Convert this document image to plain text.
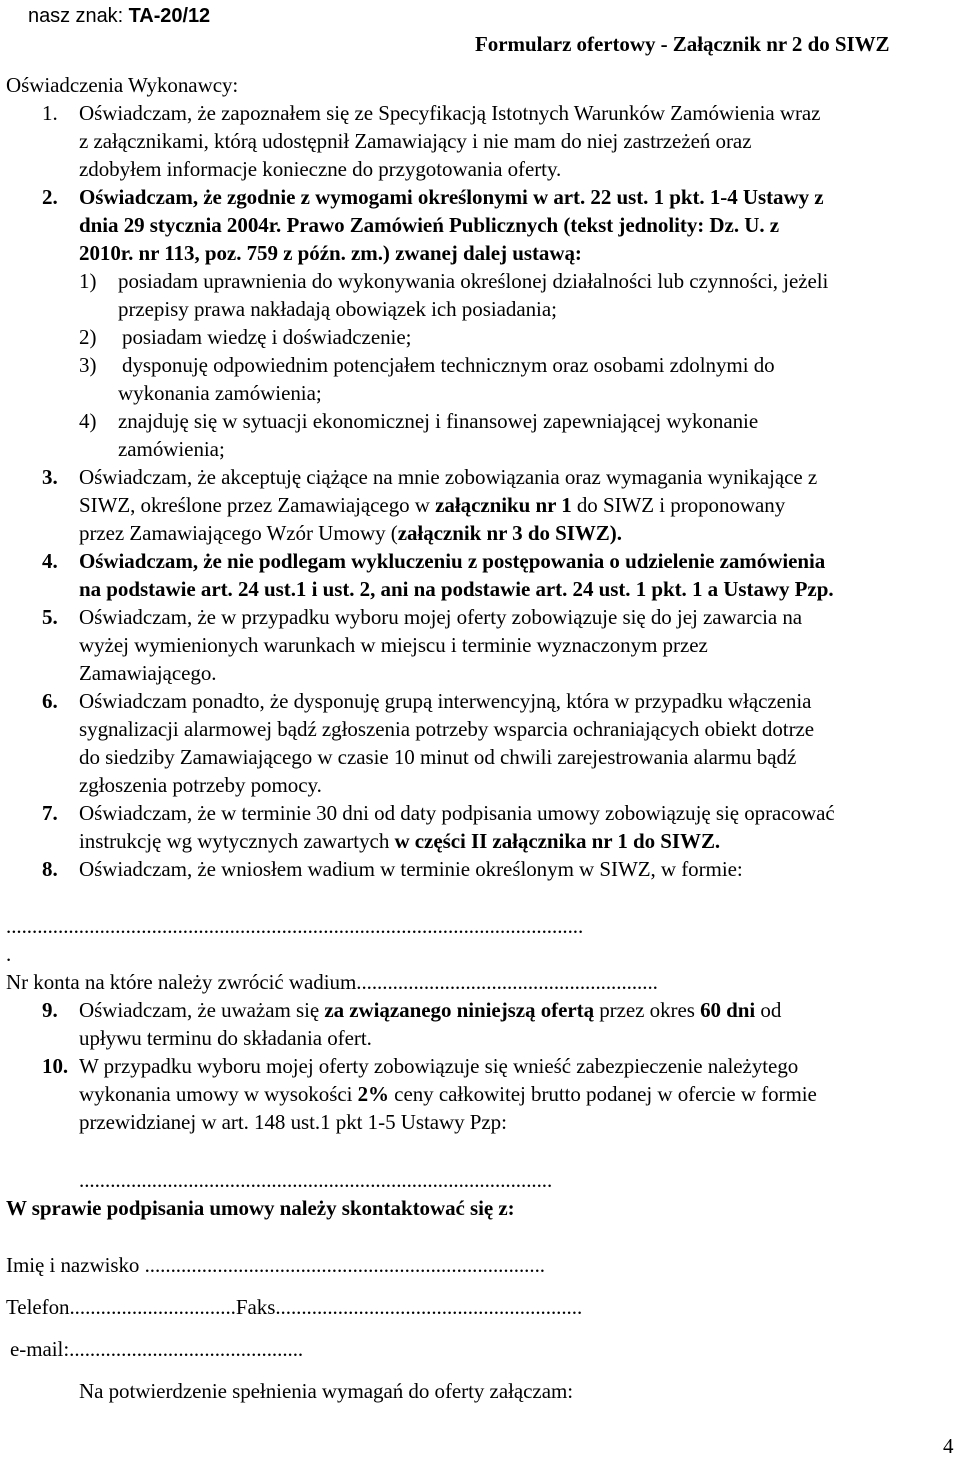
nasz znak: TA-20/12
Formularz ofertowy - Załącznik nr 2 do SIWZ
Oświadczenia Wykonawcy:
1. Oświadczam, że zapoznałem się ze Specyfikacją Istotnych Warunków Zamówienia wraz
z załącznikami, którą udostępnił Zamawiający i nie mam do niej zastrzeżeń oraz
zdobyłem informacje konieczne do przygotowania oferty.
2. Oświadczam, że zgodnie z wymogami określonymi w art. 22 ust. 1 pkt. 1-4 Ustawy z
dnia 29 stycznia 2004r. Prawo Zamówień Publicznych (tekst jednolity: Dz. U. z
2010r. nr 113, poz. 759 z późn. zm.) zwanej dalej ustawą:
1) posiadam uprawnienia do wykonywania określonej działalności lub czynności, jeżeli
przepisy prawa nakładają obowiązek ich posiadania;
2) posiadam wiedzę i doświadczenie;
3) dysponuję odpowiednim potencjałem technicznym oraz osobami zdolnymi do
wykonania zamówienia;
4) znajduję się w sytuacji ekonomicznej i finansowej zapewniającej wykonanie
zamówienia;
3. Oświadczam, że akceptuję ciążące na mnie zobowiązania oraz wymagania wynikające z
SIWZ, określone przez Zamawiającego w załączniku nr 1 do SIWZ i proponowany
przez Zamawiającego Wzór Umowy (załącznik nr 3 do SIWZ).
4. Oświadczam, że nie podlegam wykluczeniu z postępowania o udzielenie zamówienia
na podstawie art. 24 ust.1 i ust. 2, ani na podstawie art. 24 ust. 1 pkt. 1 a Ustawy Pzp.
5. Oświadczam, że w przypadku wyboru mojej oferty zobowiązuje się do jej zawarcia na
wyżej wymienionych warunkach w miejscu i terminie wyznaczonym przez
Zamawiającego.
6. Oświadczam ponadto, że dysponuję grupą interwencyjną, która w przypadku włączenia
sygnalizacji alarmowej bądź zgłoszenia potrzeby wsparcia ochraniających obiekt dotrze
do siedziby Zamawiającego w czasie 10 minut od chwili zarejestrowania alarmu bądź
zgłoszenia potrzeby pomocy.
7. Oświadczam, że w terminie 30 dni od daty podpisania umowy zobowiązuję się opracować
instrukcję wg wytycznych zawartych w części II załącznika nr 1 do SIWZ.
8. Oświadczam, że wniosłem wadium w terminie określonym w SIWZ, w formie:
...............................................................................................................
.
Nr konta na które należy zwrócić wadium..........................................................
9. Oświadczam, że uważam się za związanego niniejszą ofertą przez okres 60 dni od
upływu terminu do składania ofert.
10. W przypadku wyboru mojej oferty zobowiązuje się wnieść zabezpieczenie należytego
wykonania umowy w wysokości 2% ceny całkowitej brutto podanej w ofercie w formie
przewidzianej w art. 148 ust.1 pkt 1-5 Ustawy Pzp:
...........................................................................................
W sprawie podpisania umowy należy skontaktować się z:
Imię i nazwisko .............................................................................
Telefon................................Faks...........................................................
e-mail:.............................................
Na potwierdzenie spełnienia wymagań do oferty załączam:
4
